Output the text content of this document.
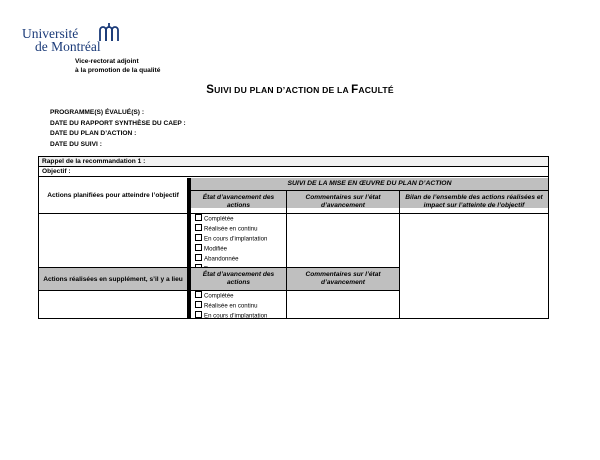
Université
de Montréal
Vice-rectorat adjoint
à la promotion de la qualité
SUIVI DU PLAN D’ACTION DE LA FACULTÉ
PROGRAMME(S) ÉVALUÉ(S) :
DATE DU RAPPORT SYNTHÈSE DU CAEP :
DATE DU PLAN D’ACTION :
DATE DU SUIVI :
Rappel de la recommandation 1 :
Objectif :
SUIVI DE LA MISE EN ŒUVRE DU PLAN D’ACTION
État d’avancement des actions
Commentaires sur l’état d’avancement
Bilan de l’ensemble des actions réalisées et impact sur l’atteinte de l’objectif
Actions planifiées pour atteindre l’objectif
Complétée
Réalisée en continu
En cours d’implantation
Modifiée
Abandonnée
Actions réalisées en supplément, s’il y a lieu
État d’avancement des actions
Commentaires sur l’état d’avancement
Complétée
Réalisée en continu
En cours d’implantation
